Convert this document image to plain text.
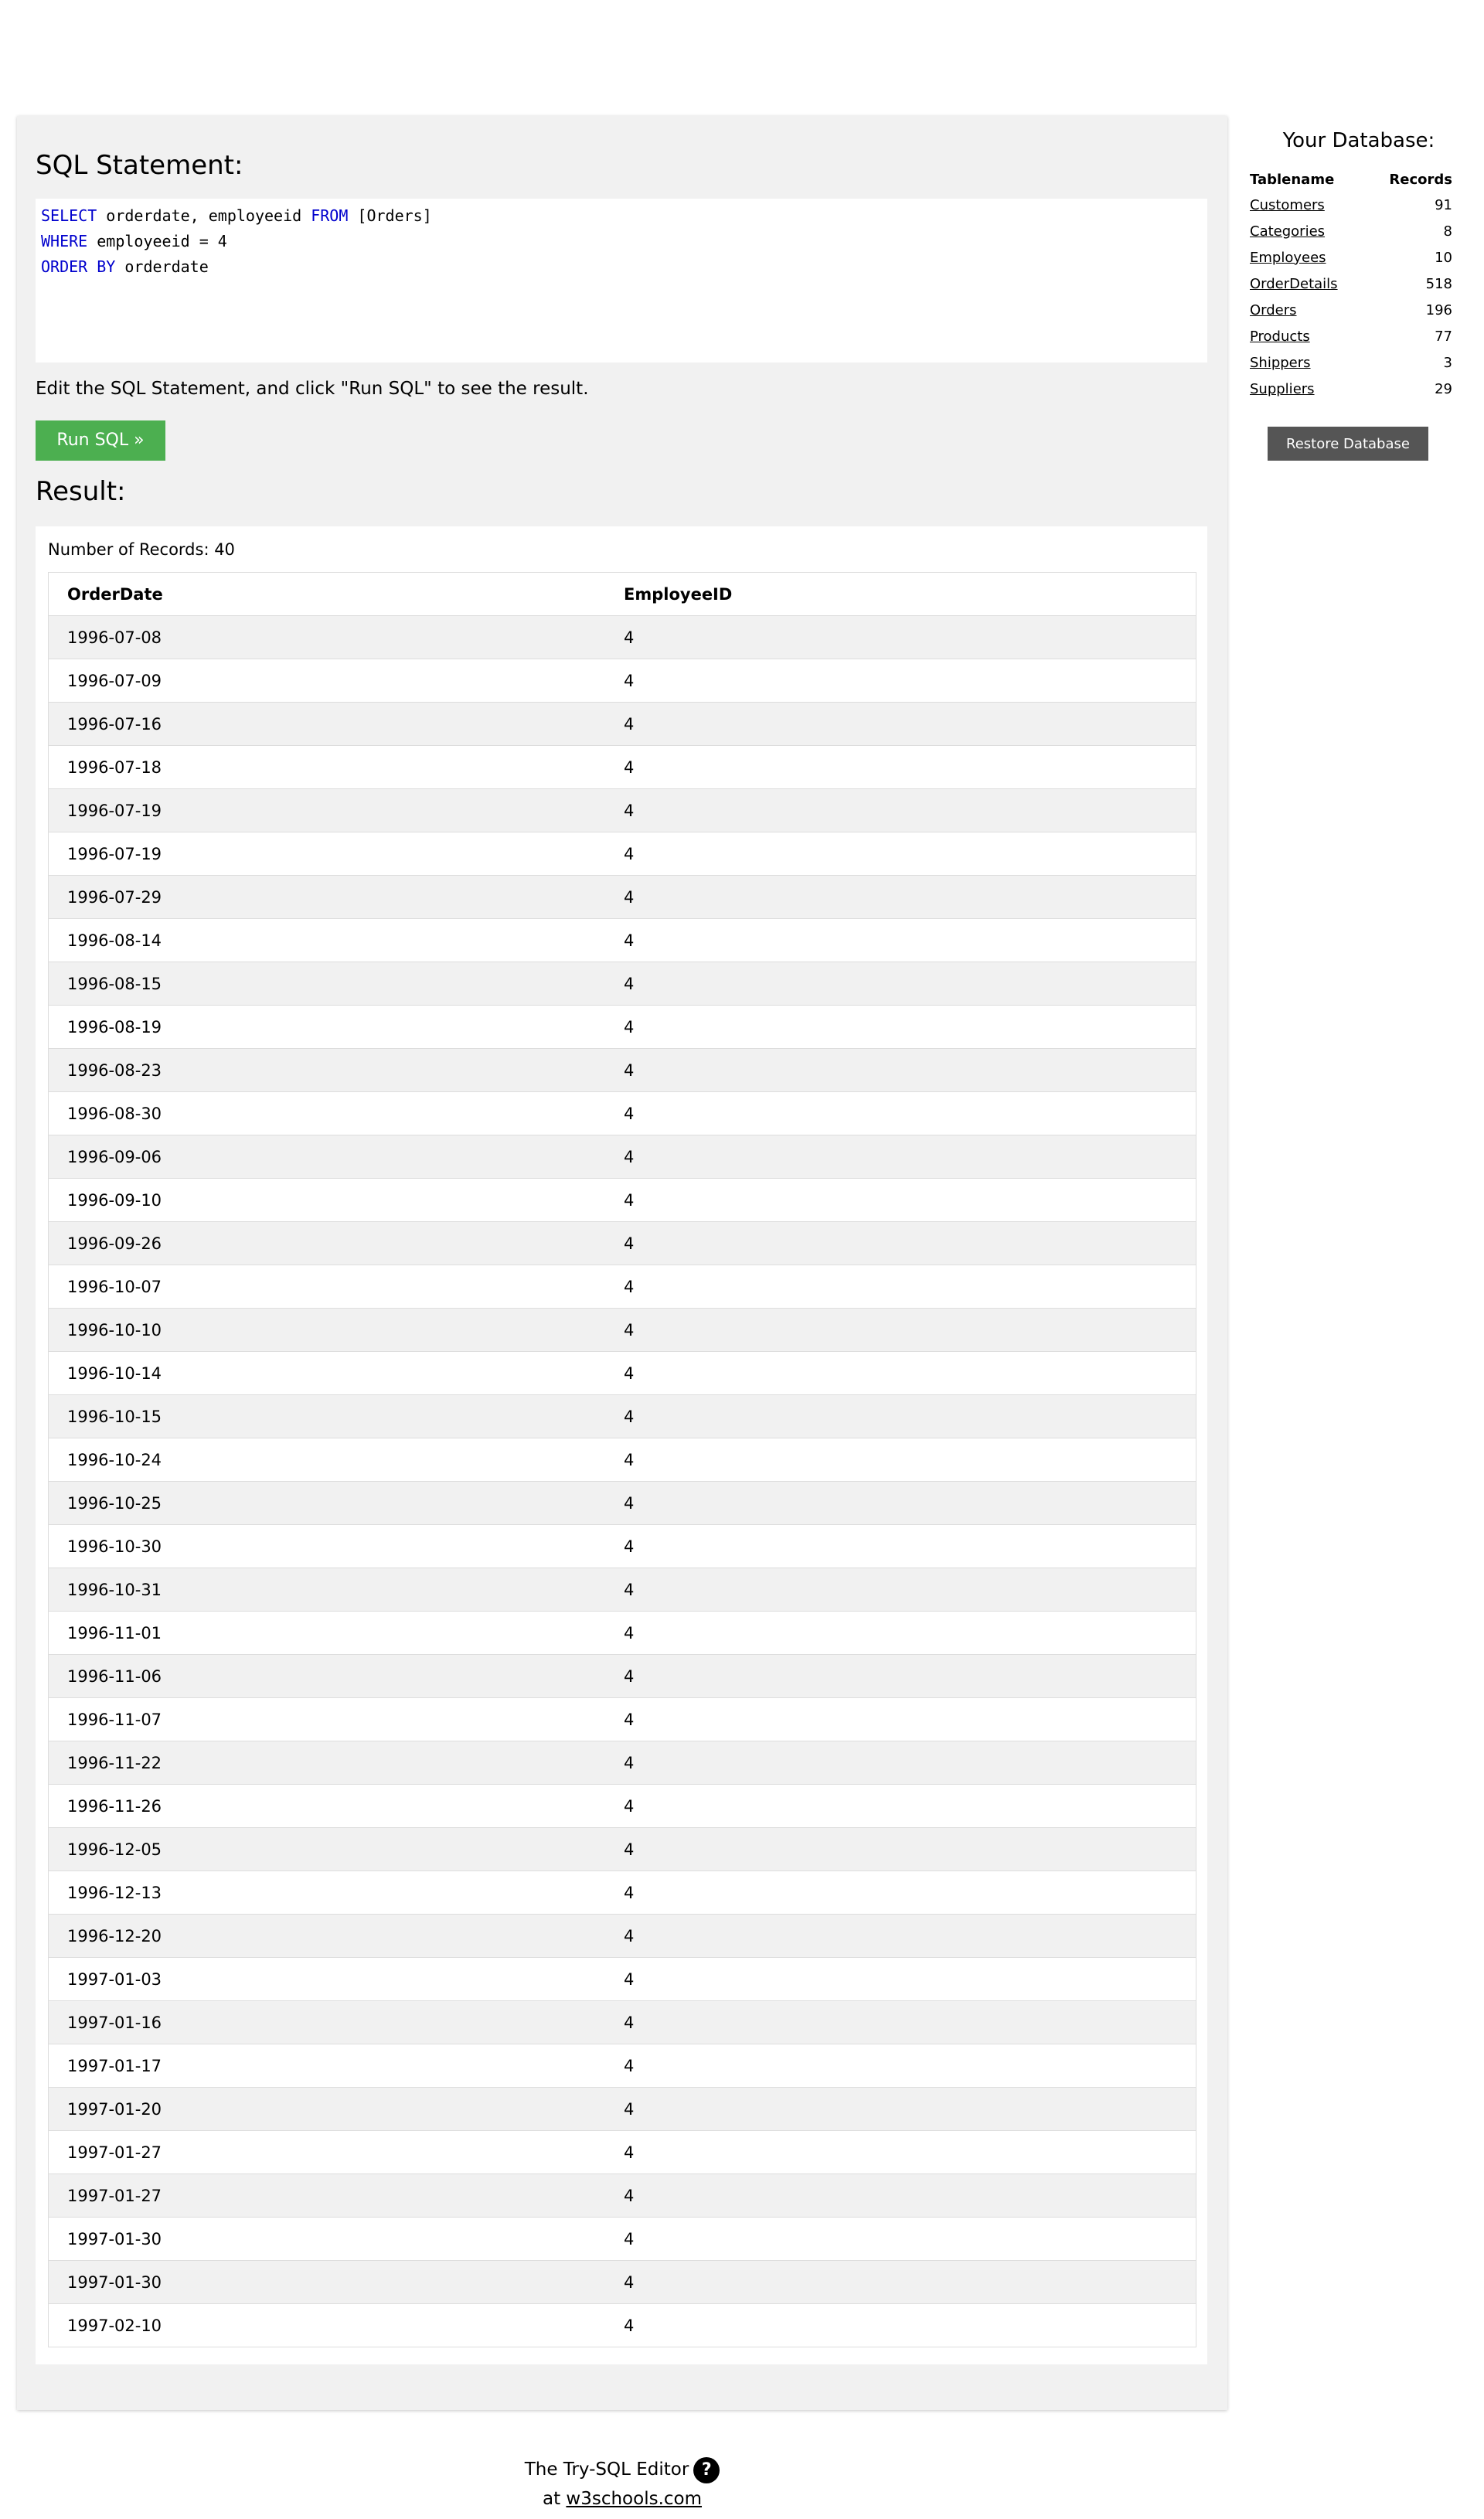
SQL Statement:
SELECT orderdate, employeeid FROM [Orders]
WHERE employeeid = 4
ORDER BY orderdate
Edit the SQL Statement, and click "Run SQL" to see the result.
Run SQL »
Result:
Number of Records: 40
OrderDate	EmployeeID
1996-07-08	4
1996-07-09	4
1996-07-16	4
1996-07-18	4
1996-07-19	4
1996-07-19	4
1996-07-29	4
1996-08-14	4
1996-08-15	4
1996-08-19	4
1996-08-23	4
1996-08-30	4
1996-09-06	4
1996-09-10	4
1996-09-26	4
1996-10-07	4
1996-10-10	4
1996-10-14	4
1996-10-15	4
1996-10-24	4
1996-10-25	4
1996-10-30	4
1996-10-31	4
1996-11-01	4
1996-11-06	4
1996-11-07	4
1996-11-22	4
1996-11-26	4
1996-12-05	4
1996-12-13	4
1996-12-20	4
1997-01-03	4
1997-01-16	4
1997-01-17	4
1997-01-20	4
1997-01-27	4
1997-01-27	4
1997-01-30	4
1997-01-30	4
1997-02-10	4
Your Database:
Tablename	Records
Customers	91
Categories	8
Employees	10
OrderDetails	518
Orders	196
Products	77
Shippers	3
Suppliers	29
Restore Database
The Try-SQL Editor ?
at w3schools.com
